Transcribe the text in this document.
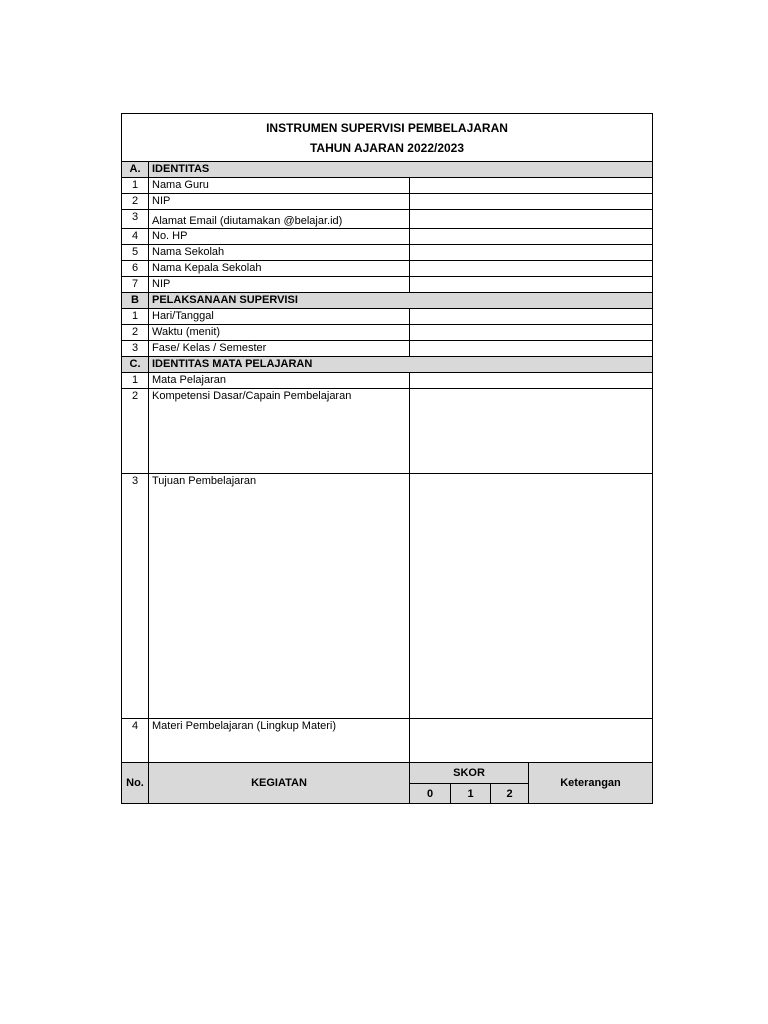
INSTRUMEN SUPERVISI PEMBELAJARAN
TAHUN AJARAN 2022/2023					

A.	IDENTITAS				
1	Nama Guru				
2	NIP				
3	Alamat Email (diutamakan @belajar.id)				
4	No. HP				
5	Nama Sekolah				
6	Nama Kepala Sekolah				
7	NIP				
B	PELAKSANAAN SUPERVISI				
1	Hari/Tanggal				
2	Waktu (menit)				
3	Fase/ Kelas / Semester				
C.	IDENTITAS MATA PELAJARAN				
1	Mata Pelajaran				
2	Kompetensi Dasar/Capain Pembelajaran				
3	Tujuan Pembelajaran				
4	Materi Pembelajaran (Lingkup Materi)				
No.	KEGIATAN	SKOR			Keterangan
		0	1	2	
